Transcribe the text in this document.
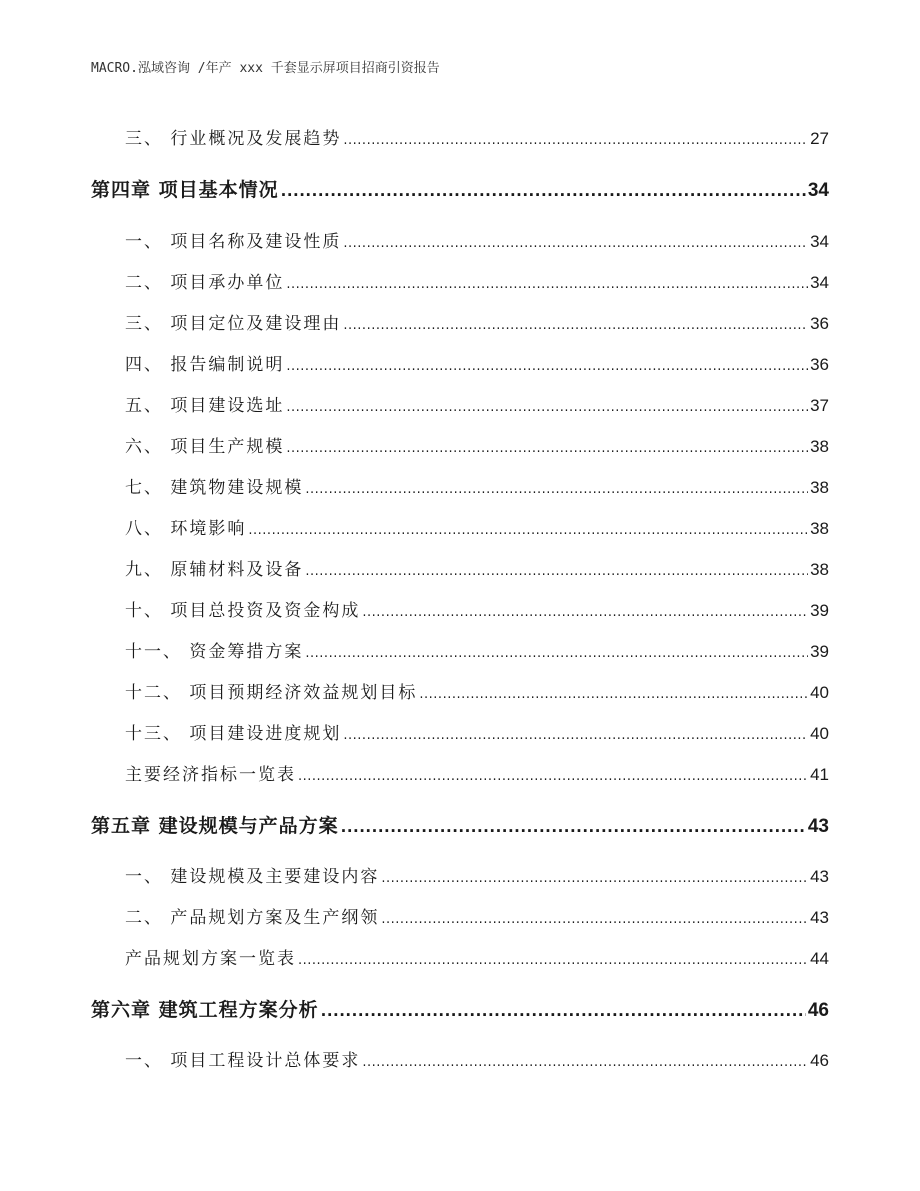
MACRO.泓域咨询 /年产 xxx 千套显示屏项目招商引资报告
三、 行业概况及发展趋势 .....	27
第四章 项目基本情况 .....	34
一、 项目名称及建设性质 .....	34
二、 项目承办单位 .....	34
三、 项目定位及建设理由 .....	36
四、 报告编制说明 .....	36
五、 项目建设选址 .....	37
六、 项目生产规模 .....	38
七、 建筑物建设规模 .....	38
八、 环境影响 .....	38
九、 原辅材料及设备 .....	38
十、 项目总投资及资金构成 .....	39
十一、 资金筹措方案 .....	39
十二、 项目预期经济效益规划目标 .....	40
十三、 项目建设进度规划 .....	40
主要经济指标一览表 .....	41
第五章 建设规模与产品方案 .....	43
一、 建设规模及主要建设内容 .....	43
二、 产品规划方案及生产纲领 .....	43
产品规划方案一览表 .....	44
第六章 建筑工程方案分析 .....	46
一、 项目工程设计总体要求 .....	46
